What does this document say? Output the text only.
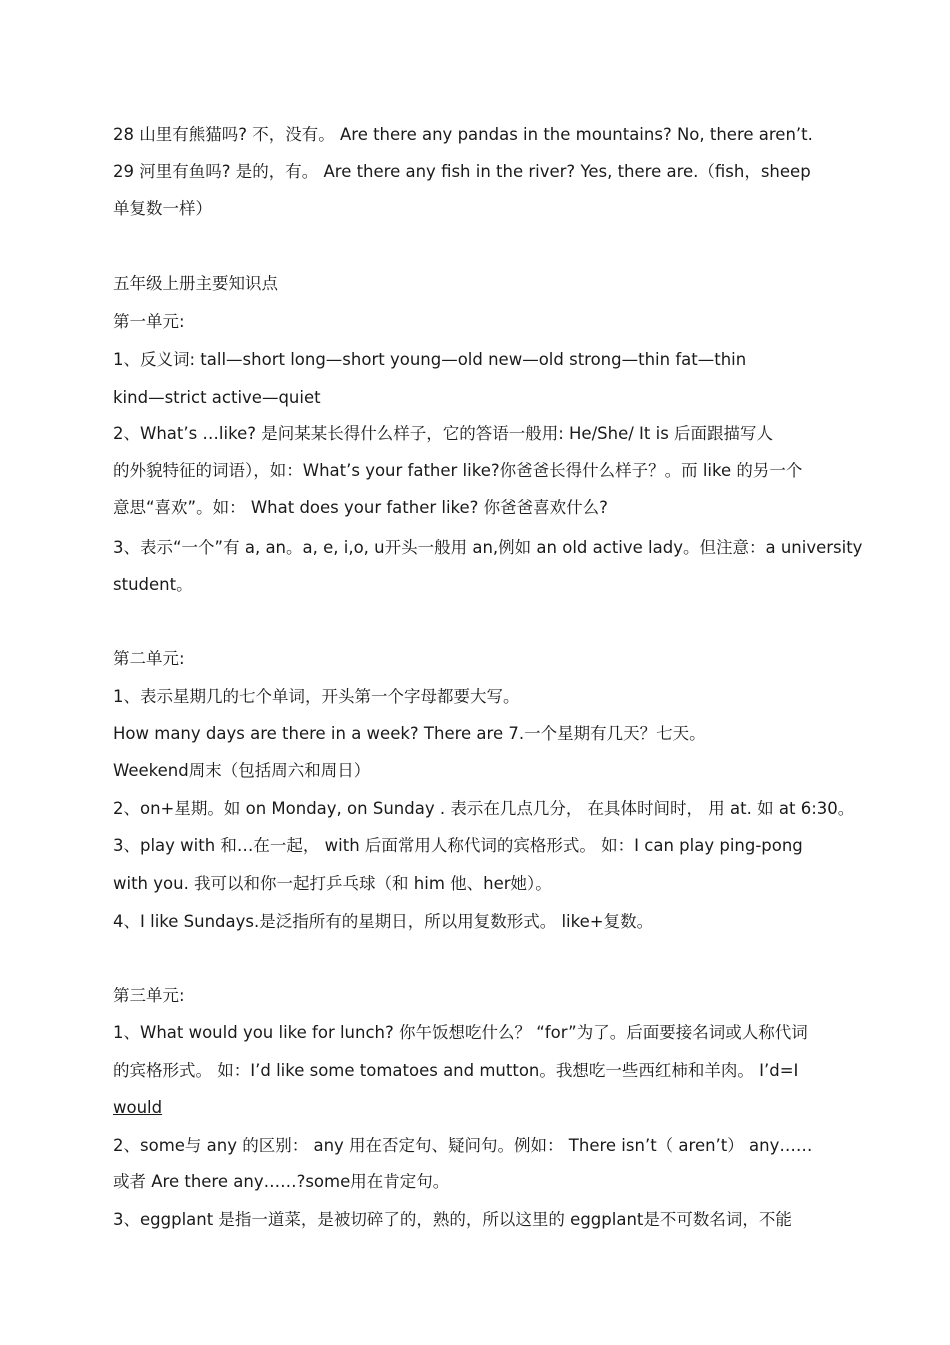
28 山里有熊猫吗? 不，没有。 Are there any pandas in the mountains? No, there aren’t.
29 河里有鱼吗? 是的，有。 Are there any fish in the river? Yes, there are.（fish，sheep
单复数一样）
五年级上册主要知识点
第一单元:
1、反义词: tall—short long—short young—old new—old strong—thin fat—thin
kind—strict active—quiet
2、What’s …like? 是问某某长得什么样子，它的答语一般用: He/She/ It is 后面跟描写人
的外貌特征的词语），如：What’s your father like?你爸爸长得什么样子？。而 like 的另一个
意思“喜欢”。如： What does your father like? 你爸爸喜欢什么?
3、表示“一个”有 a, an。a, e, i,o, u开头一般用 an,例如 an old active lady。但注意：a university
student。
第二单元:
1、表示星期几的七个单词，开头第一个字母都要大写。
How many days are there in a week? There are 7.一个星期有几天？七天。
Weekend周末（包括周六和周日）
2、on+星期。如 on Monday, on Sunday . 表示在几点几分， 在具体时间时， 用 at. 如 at 6:30。
3、play with 和…在一起， with 后面常用人称代词的宾格形式。 如：I can play ping-pong
with you. 我可以和你一起打乒乓球（和 him 他、her她）。
4、I like Sundays.是泛指所有的星期日，所以用复数形式。 like+复数。
第三单元:
1、What would you like for lunch? 你午饭想吃什么？ “for”为了。后面要接名词或人称代词
的宾格形式。 如：I’d like some tomatoes and mutton。我想吃一些西红柿和羊肉。 I’d=I
would
2、some与 any 的区别： any 用在否定句、疑问句。例如： There isn’t（ aren’t） any……
或者 Are there any……?some用在肯定句。
3、eggplant 是指一道菜，是被切碎了的，熟的，所以这里的 eggplant是不可数名词，不能
